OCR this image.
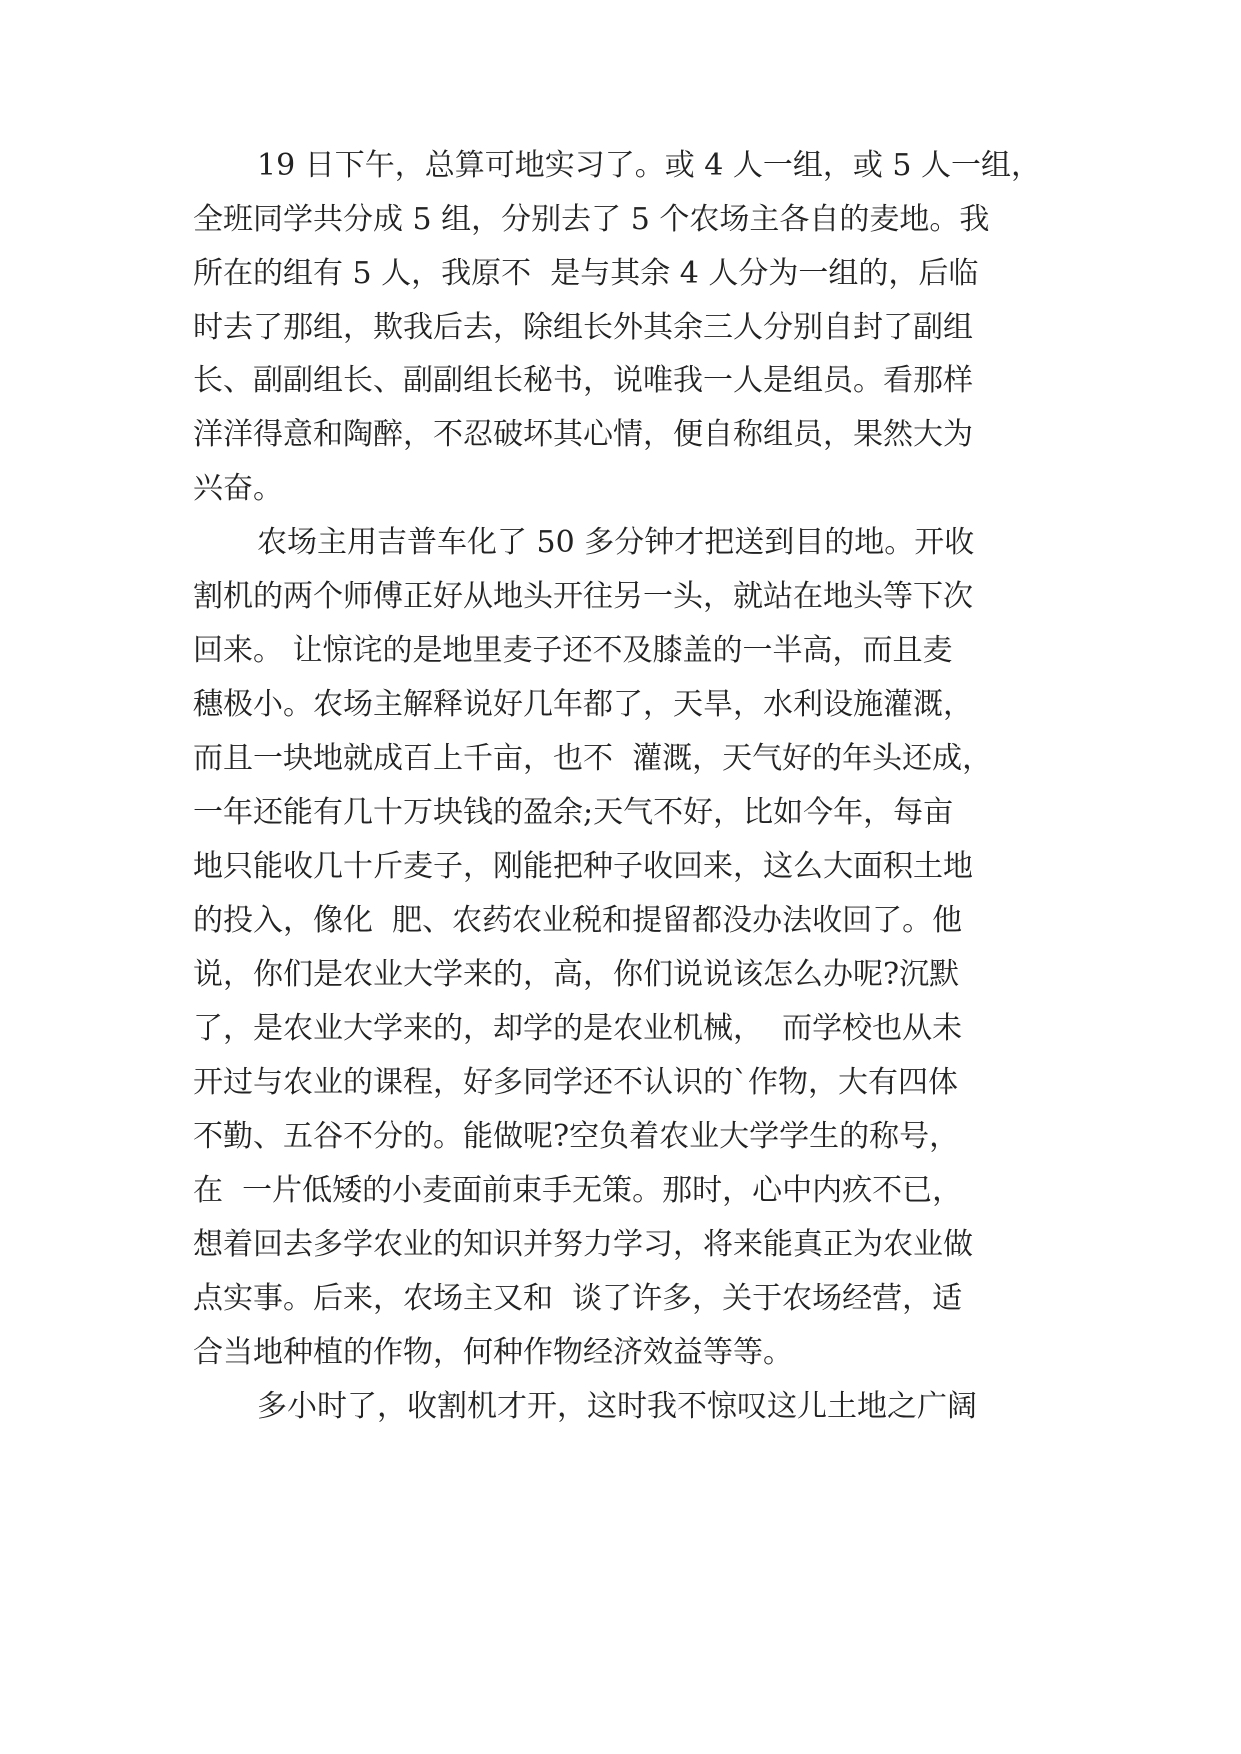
19 日下午，总算可地实习了。或 4 人一组，或 5 人一组，

全班同学共分成 5 组，分别去了 5 个农场主各自的麦地。我

所在的组有 5 人，我原不  是与其余 4 人分为一组的，后临

时去了那组，欺我后去，除组长外其余三人分别自封了副组

长、副副组长、副副组长秘书，说唯我一人是组员。看那样

洋洋得意和陶醉，不忍破坏其心情，便自称组员，果然大为

兴奋。

农场主用吉普车化了 50 多分钟才把送到目的地。开收

割机的两个师傅正好从地头开往另一头，就站在地头等下次

回来。 让惊诧的是地里麦子还不及膝盖的一半高，而且麦

穗极小。农场主解释说好几年都了，天旱，水利设施灌溉，

而且一块地就成百上千亩，也不  灌溉，天气好的年头还成，

一年还能有几十万块钱的盈余;天气不好，比如今年，每亩

地只能收几十斤麦子，刚能把种子收回来，这么大面积土地

的投入，像化  肥、农药农业税和提留都没办法收回了。他

说，你们是农业大学来的，高，你们说说该怎么办呢?沉默

了，是农业大学来的，却学的是农业机械，  而学校也从未

开过与农业的课程，好多同学还不认识的`作物，大有四体

不勤、五谷不分的。能做呢?空负着农业大学学生的称号，

在  一片低矮的小麦面前束手无策。那时，心中内疚不已，

想着回去多学农业的知识并努力学习，将来能真正为农业做

点实事。后来，农场主又和  谈了许多，关于农场经营，适

合当地种植的作物，何种作物经济效益等等。

多小时了，收割机才开，这时我不惊叹这儿土地之广阔
